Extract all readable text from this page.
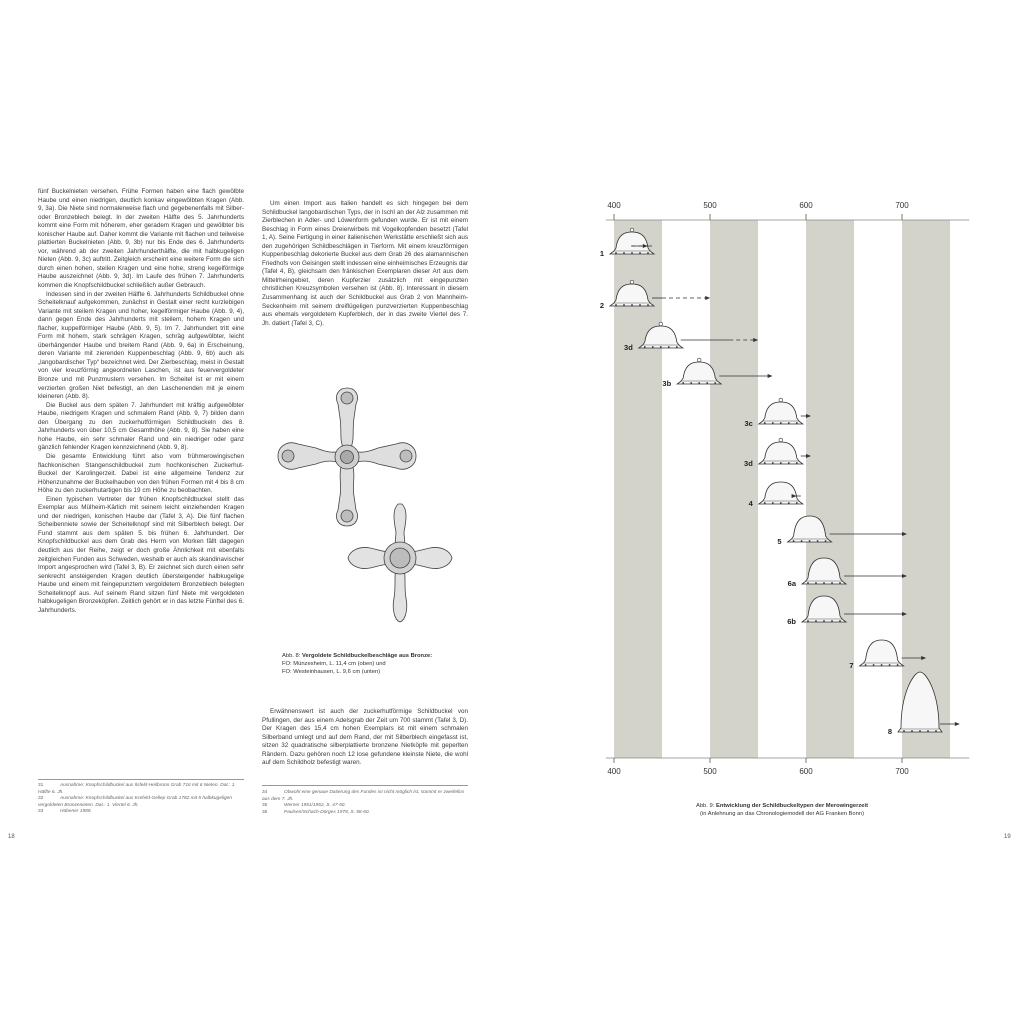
fünf Buckelnieten versehen. Frühe Formen haben eine flach gewölbte Haube und einen niedrigen, deutlich konkav eingewölbten Kragen (Abb. 9, 3a). Die Niete sind normalerweise flach und gegebenenfalls mit Silber- oder Bronzeblech belegt. In der zweiten Hälfte des 5. Jahrhunderts kommt eine Form mit höherem, eher geradem Kragen und gewölbter bis konischer Haube auf. Daher kommt die Variante mit flachen und teilweise plattierten Buckelnieten (Abb. 9, 3b) nur bis Ende des 6. Jahrhunderts vor, während ab der zweiten Jahrhunderthälfte, die mit halbkugeligen Nieten (Abb. 9, 3c) auftritt. Zeitgleich erscheint eine weitere Form die sich durch einen hohen, steilen Kragen und eine hohe, streng kegelförmige Haube auszeichnet (Abb. 9, 3d). Im Laufe des frühen 7. Jahrhunderts kommen die Knopfschildbuckel schließlich außer Gebrauch.

Indessen sind in der zweiten Hälfte 6. Jahrhunderts Schildbuckel ohne Scheitelknauf aufgekommen, zunächst in Gestalt einer recht kurzlebigen Variante mit steilem Kragen und hoher, kegelförmiger Haube (Abb. 9, 4), dann gegen Ende des Jahrhunderts mit steilem, hohem Kragen und flacher, kuppelförmiger Haube (Abb. 9, 5). Im 7. Jahrhundert tritt eine Form mit hohem, stark schrägen Kragen, schräg aufgewölbter, leicht überhängender Haube und breitem Rand (Abb. 9, 6a) in Erscheinung, deren Variante mit zierenden Kuppenbeschlag (Abb. 9, 6b) auch als „langobardischer Typ“ bezeichnet wird. Der Zierbeschlag, meist in Gestalt von vier kreuzförmig angeordneten Laschen, ist aus feuervergoldeter Bronze und mit Punzmustern versehen. Im Scheitel ist er mit einem verzierten großen Niet befestigt, an den Laschenenden mit je einem kleineren (Abb. 8).

Die Buckel aus dem späten 7. Jahrhundert mit kräftig aufgewölbter Haube, niedrigem Kragen und schmalem Rand (Abb. 9, 7) bilden dann den Übergang zu den zuckerhutförmigen Schildbuckeln des 8. Jahrhunderts von über 10,5 cm Gesamthöhe (Abb. 9, 8). Sie haben eine hohe Haube, ein sehr schmaler Rand und ein niedriger oder ganz gänzlich fehlender Kragen kennzeichnend (Abb. 9, 8).

Die gesamte Entwicklung führt also vom frühmerowingischen flachkonischen Stangenschildbuckel zum hochkonischen Zuckerhut-Buckel der Karolingerzeit. Dabei ist eine allgemeine Tendenz zur Höhenzunahme der Buckelhauben von den frühen Formen mit 4 bis 8 cm Höhe zu den zuckerhutartigen bis 19 cm Höhe zu beobachten.

Einen typischen Vertreter der frühen Knopfschildbuckel stellt das Exemplar aus Mülheim-Kärlich mit seinem leicht einziehenden Kragen und der niedrigen, konischen Haube dar (Tafel 3, A). Die fünf flachen Scheibenniete sowie der Scheitelknopf sind mit Silberblech belegt. Der Fund stammt aus dem späten 5. bis frühen 6. Jahrhundert. Der Knopfschildbuckel aus dem Grab des Herrn von Morken fällt dagegen deutlich aus der Reihe, zeigt er doch große Ähnlichkeit mit ebenfalls zeitgleichen Funden aus Schweden, weshalb er auch als skandinavischer Import angesprochen wird (Tafel 3, B). Er zeichnet sich durch einen sehr senkrecht ansteigenden Kragen deutlich übersteigender halbkugelige Haube und einem mit feingepunztem vergoldetem Bronzeblech belegten Scheitelknopf aus. Auf seinem Rand sitzen fünf Niete mit vergoldeten halbkugeligen Bronzeköpfen. Zeitlich gehört er in das letzte Fünftel des 6. Jahrhunderts.

Um einen Import aus Italien handelt es sich hingegen bei dem Schildbuckel langobardischen Typs, der in Ischl an der Alz zusammen mit Zierblechen in Adler- und Löwenform gefunden wurde. Er ist mit einem Beschlag in Form eines Dreierwirbels mit Vogelkopfenden besetzt (Tafel 1, A). Seine Fertigung in einer italienischen Werkstätte erschließt sich aus den zugehörigen Schildbeschlägen in Tierform. Mit einem kreuzförmigen Kuppenbeschlag dekorierte Buckel aus dem Grab 26 des alamannischen Friedhofs von Geisingen stellt indessen eine einheimisches Erzeugnis dar (Tafel 4, B), gleichsam den fränkischen Exemplaren dieser Art aus dem Mittelrheingebiet, deren Kupferzier zusätzlich mit eingepunzten christlichen Kreuzsymbolen versehen ist (Abb. 8). Interessant in diesem Zusammenhang ist auch der Schildbuckel aus Grab 2 von Mannheim-Seckenheim mit seinem dreiflügeligen punzverzierten Kuppenbeschlag aus ehemals vergoldetem Kupferblech, der in das zweite Viertel des 7. Jh. datiert (Tafel 3, C).

Abb. 8: Vergoldete Schildbuckelbeschläge aus Bronze:
FO: Münzesheim, L. 11,4 cm (oben) und
FO: Westeinhausen, L. 9,6 cm (unten)

Erwähnenswert ist auch der zuckerhutförmige Schildbuckel von Pfullingen, der aus einem Adelsgrab der Zeit um 700 stammt (Tafel 3, D). Der Kragen des 15,4 cm hohen Exemplars ist mit einem schmalen Silberband umlegt und auf dem Rand, der mit Silberblech eingefasst ist, sitzen 32 quadratische silberplattierte bronzene Nietköpfe mit geperlten Rändern. Dazu gehören noch 12 lose gefundene kleinste Niete, die wohl auf dem Schildholz befestigt waren.

31	Ausnahme: Knopfschildbuckel aus Ilsfeld-Heilbronn Grab 716 mit 6 Nieten. Dat.: 1. Hälfte 6. Jh.
32	Ausnahme: Knopfschildbuckel aus Krefeld-Gellep Grab 1782 mit 5 halbkugeligen vergoldeten Bronzenieten. Dat.: 1. Viertel 6. Jh.
33	Hübener 1989.
34	Obwohl eine genaue Datierung des Fundes ist nicht möglich ist, stammt er zweifellos aus dem 7. Jh.
35	Werner 1951/1952, S. 47-50.
36	Paulsen/Schach-Dörges 1978, S. 58-60.
18
400
400
500
500
600
600
700
700
1
2
3d
3b
3c
3d
4
5
6a
6b
7
8
Abb. 9: Entwicklung der Schildbuckeltypen der Merowingerzeit
(in Anlehnung an das Chronologiemodell der AG Franken Bonn)
19
